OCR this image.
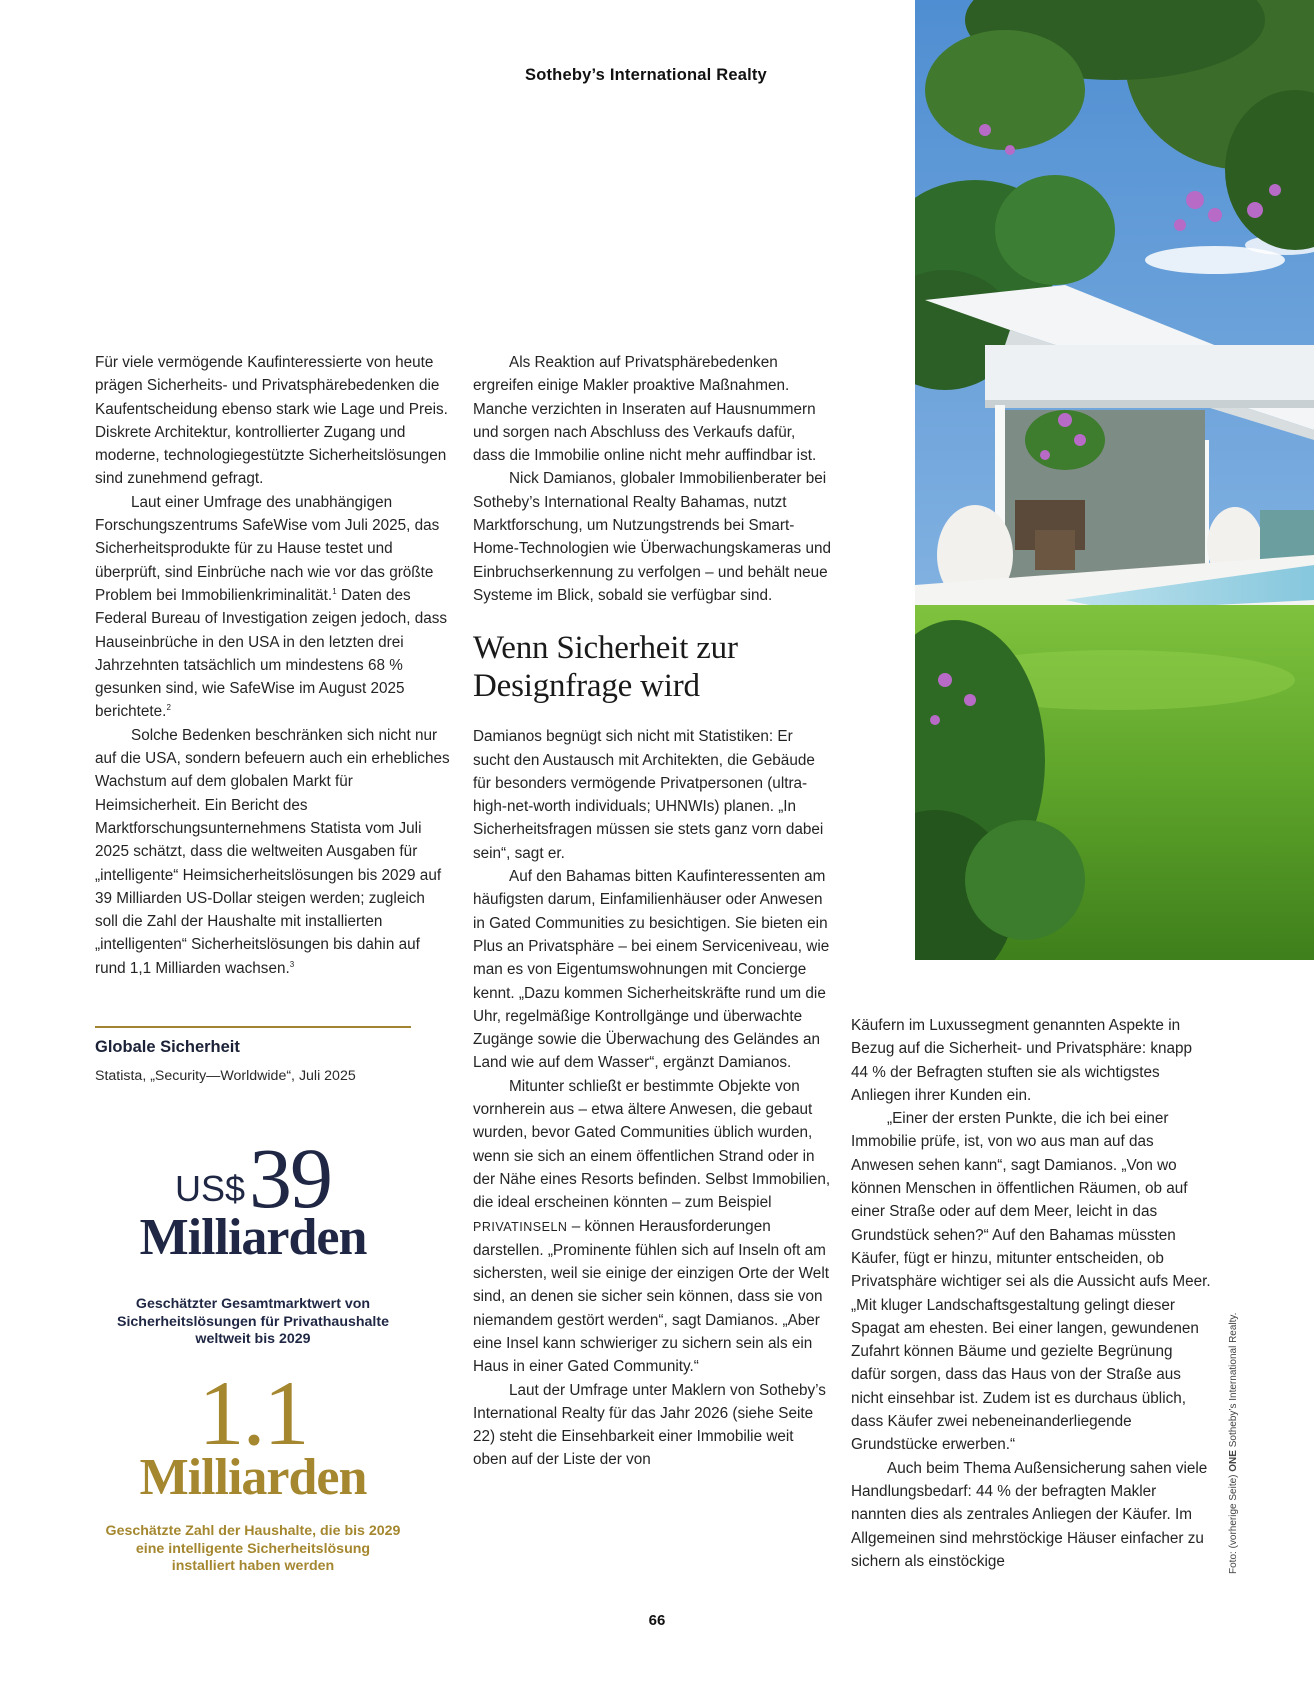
Sotheby’s International Realty

Für viele vermögende Kaufinteressierte von heute prägen Sicherheits- und Privatsphärebedenken die Kaufentscheidung ebenso stark wie Lage und Preis. Diskrete Architektur, kontrollierter Zugang und moderne, technologiegestützte Sicherheitslösungen sind zunehmend gefragt.

Laut einer Umfrage des unabhängigen Forschungszentrums SafeWise vom Juli 2025, das Sicherheitsprodukte für zu Hause testet und überprüft, sind Einbrüche nach wie vor das größte Problem bei Immobilienkriminalität.$^1$ Daten des Federal Bureau of Investigation zeigen jedoch, dass Hauseinbrüche in den USA in den letzten drei Jahrzehnten tatsächlich um mindestens 68 % gesunken sind, wie SafeWise im August 2025 berichtete.$^2$

Solche Bedenken beschränken sich nicht nur auf die USA, sondern befeuern auch ein erhebliches Wachstum auf dem globalen Markt für Heimsicherheit. Ein Bericht des Marktforschungsunternehmens Statista vom Juli 2025 schätzt, dass die weltweiten Ausgaben für „intelligente“ Heimsicherheitslösungen bis 2029 auf 39 Milliarden US-Dollar steigen werden; zugleich soll die Zahl der Haushalte mit installierten „intelligenten“ Sicherheitslösungen bis dahin auf rund 1,1 Milliarden wachsen.$^3$

Globale Sicherheit
Statista, „Security—Worldwide“, Juli 2025
US$39
Milliarden
Geschätzter Gesamtmarktwert von Sicherheitslösungen für Privathaushalte weltweit bis 2029
1.1
Milliarden
Geschätzte Zahl der Haushalte, die bis 2029 eine intelligente Sicherheitslösung installiert haben werden

Als Reaktion auf Privatsphärebedenken ergreifen einige Makler proaktive Maßnahmen. Manche verzichten in Inseraten auf Hausnummern und sorgen nach Abschluss des Verkaufs dafür, dass die Immobilie online nicht mehr auffindbar ist.

Nick Damianos, globaler Immobilienberater bei Sotheby’s International Realty Bahamas, nutzt Marktforschung, um Nutzungstrends bei Smart-Home-Technologien wie Überwachungskameras und Einbruchserkennung zu verfolgen – und behält neue Systeme im Blick, sobald sie verfügbar sind.

Wenn Sicherheit zur Designfrage wird

Damianos begnügt sich nicht mit Statistiken: Er sucht den Austausch mit Architekten, die Gebäude für besonders vermögende Privatpersonen (ultra-high-net-worth individuals; UHNWIs) planen. „In Sicherheitsfragen müssen sie stets ganz vorn dabei sein“, sagt er.

Auf den Bahamas bitten Kaufinteressenten am häufigsten darum, Einfamilienhäuser oder Anwesen in Gated Communities zu besichtigen. Sie bieten ein Plus an Privatsphäre – bei einem Serviceniveau, wie man es von Eigentumswohnungen mit Concierge kennt. „Dazu kommen Sicherheitskräfte rund um die Uhr, regelmäßige Kontrollgänge und überwachte Zugänge sowie die Überwachung des Geländes an Land wie auf dem Wasser“, ergänzt Damianos.

Mitunter schließt er bestimmte Objekte von vornherein aus – etwa ältere Anwesen, die gebaut wurden, bevor Gated Communities üblich wurden, wenn sie sich an einem öffentlichen Strand oder in der Nähe eines Resorts befinden. Selbst Immobilien, die ideal erscheinen könnten – zum Beispiel PRIVATINSELN – können Herausforderungen darstellen. „Prominente fühlen sich auf Inseln oft am sichersten, weil sie einige der einzigen Orte der Welt sind, an denen sie sicher sein können, dass sie von niemandem gestört werden“, sagt Damianos. „Aber eine Insel kann schwieriger zu sichern sein als ein Haus in einer Gated Community.“

Laut der Umfrage unter Maklern von Sotheby’s International Realty für das Jahr 2026 (siehe Seite 22) steht die Einsehbarkeit einer Immobilie weit oben auf der Liste der von

Käufern im Luxussegment genannten Aspekte in Bezug auf die Sicherheit- und Privatsphäre: knapp 44 % der Befragten stuften sie als wichtigstes Anliegen ihrer Kunden ein.

„Einer der ersten Punkte, die ich bei einer Immobilie prüfe, ist, von wo aus man auf das Anwesen sehen kann“, sagt Damianos. „Von wo können Menschen in öffentlichen Räumen, ob auf einer Straße oder auf dem Meer, leicht in das Grundstück sehen?“ Auf den Bahamas müssten Käufer, fügt er hinzu, mitunter entscheiden, ob Privatsphäre wichtiger sei als die Aussicht aufs Meer. „Mit kluger Landschaftsgestaltung gelingt dieser Spagat am ehesten. Bei einer langen, gewundenen Zufahrt können Bäume und gezielte Begrünung dafür sorgen, dass das Haus von der Straße aus nicht einsehbar ist. Zudem ist es durchaus üblich, dass Käufer zwei nebeneinanderliegende Grundstücke erwerben.“

Auch beim Thema Außensicherung sahen viele Handlungsbedarf: 44 % der befragten Makler nannten dies als zentrales Anliegen der Käufer. Im Allgemeinen sind mehrstöckige Häuser einfacher zu sichern als einstöckige	Foto: (vorherige Seite) ONE Sotheby’s International Realty.
66
